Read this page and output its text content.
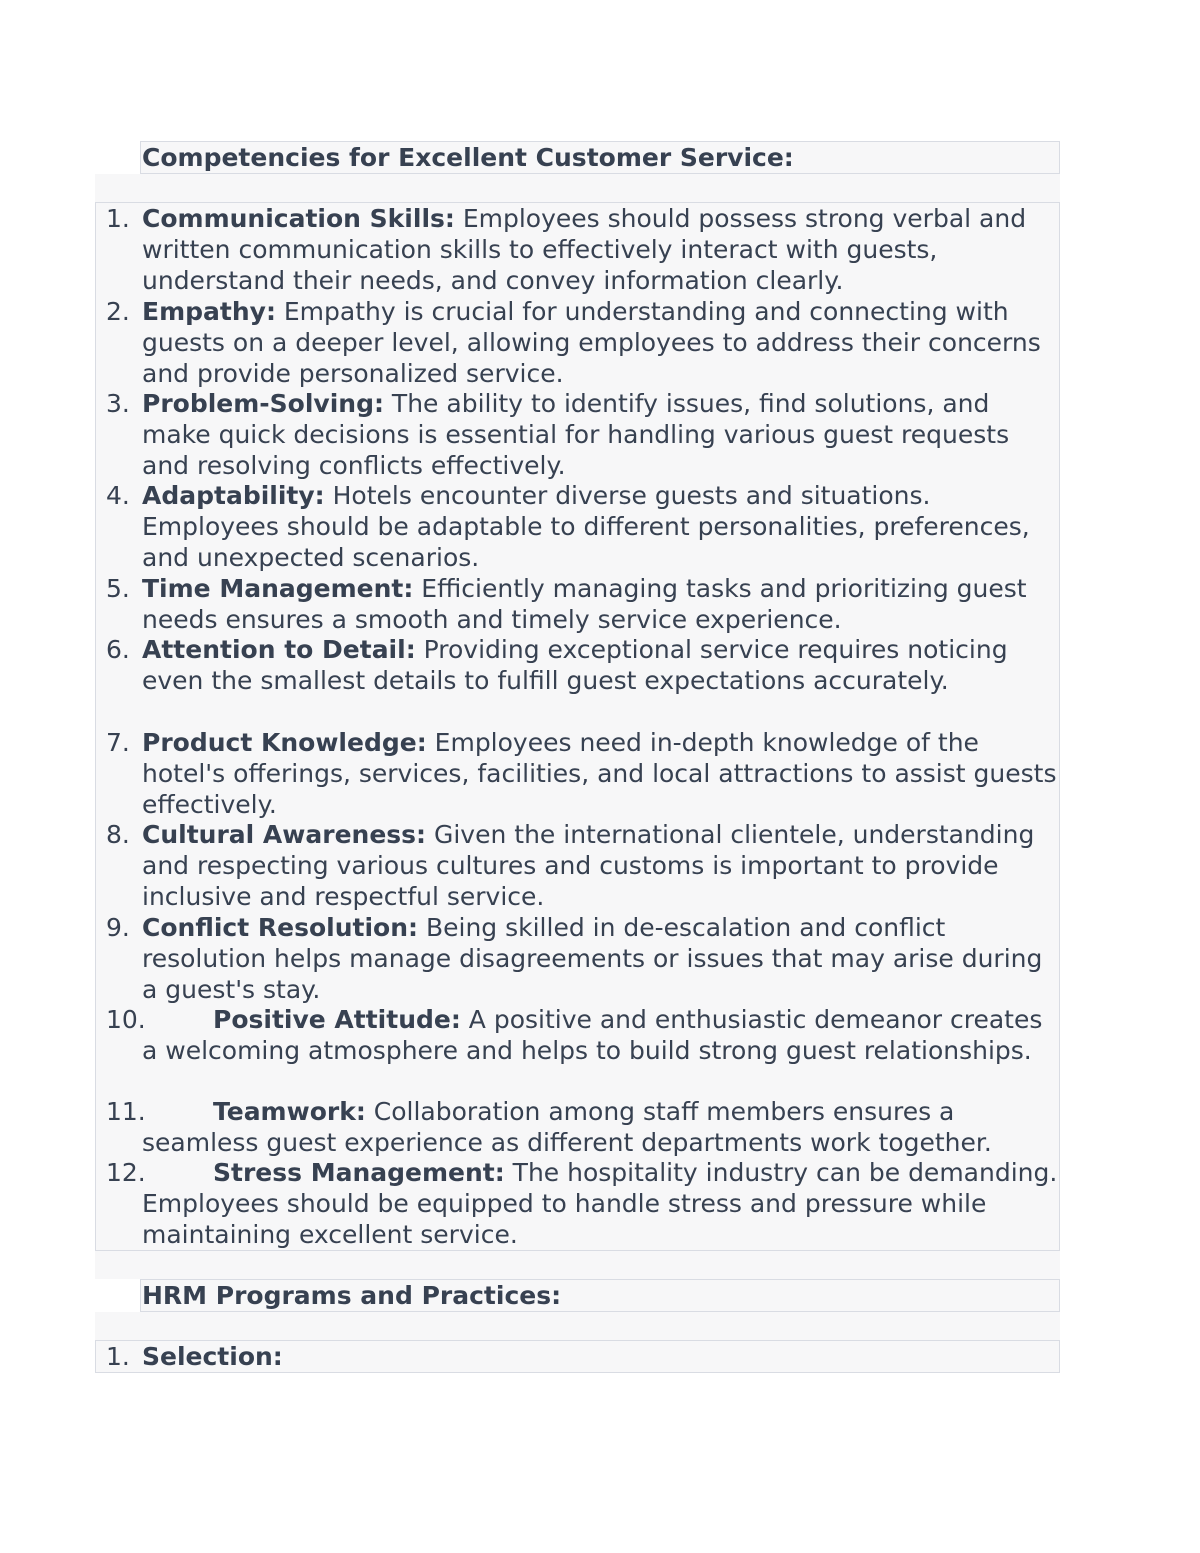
Competencies for Excellent Customer Service:
1. Communication Skills: Employees should possess strong verbal and written communication skills to effectively interact with guests, understand their needs, and convey information clearly.
2. Empathy: Empathy is crucial for understanding and connecting with guests on a deeper level, allowing employees to address their concerns and provide personalized service.
3. Problem-Solving: The ability to identify issues, find solutions, and make quick decisions is essential for handling various guest requests and resolving conflicts effectively.
4. Adaptability: Hotels encounter diverse guests and situations. Employees should be adaptable to different personalities, preferences, and unexpected scenarios.
5. Time Management: Efficiently managing tasks and prioritizing guest needs ensures a smooth and timely service experience.
6. Attention to Detail: Providing exceptional service requires noticing even the smallest details to fulfill guest expectations accurately.
7. Product Knowledge: Employees need in-depth knowledge of the hotel's offerings, services, facilities, and local attractions to assist guests effectively.
8. Cultural Awareness: Given the international clientele, understanding and respecting various cultures and customs is important to provide inclusive and respectful service.
9. Conflict Resolution: Being skilled in de-escalation and conflict resolution helps manage disagreements or issues that may arise during a guest's stay.
10.	Positive Attitude: A positive and enthusiastic demeanor creates a welcoming atmosphere and helps to build strong guest relationships.
11.	Teamwork: Collaboration among staff members ensures a seamless guest experience as different departments work together.
12.	Stress Management: The hospitality industry can be demanding. Employees should be equipped to handle stress and pressure while maintaining excellent service.
HRM Programs and Practices:
1. Selection:
